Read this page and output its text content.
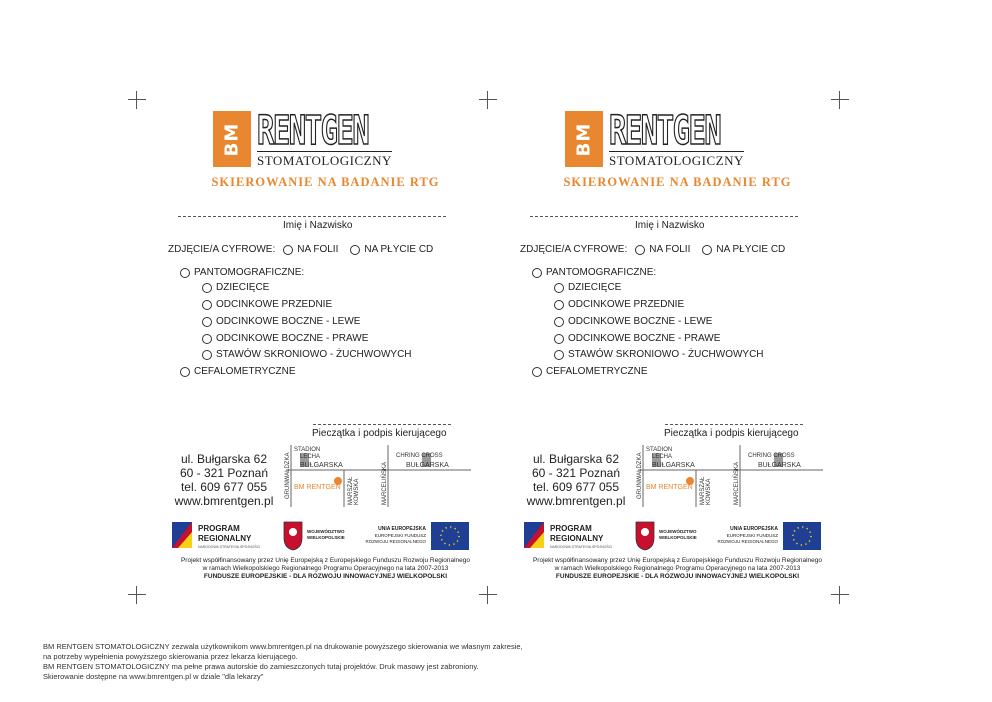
BM RENTGEN
STOMATOLOGICZNY
SKIEROWANIE NA BADANIE RTG
Imię i Nazwisko
ZDJĘCIE/A CYFROWE: NA FOLII	NA PŁYCIE CD
PANTOMOGRAFICZNE:
DZIECIĘCE
ODCINKOWE PRZEDNIE
ODCINKOWE BOCZNE - LEWE
ODCINKOWE BOCZNE - PRAWE
STAWÓW SKRONIOWO - ŻUCHWOWYCH
CEFALOMETRYCZNE
Pieczątka i podpis kierującego
ul. Bułgarska 62
60 - 321 Poznań
tel. 609 677 055
www.bmrentgen.pl
STADION
LECHA
BUŁGARSKA
CHRING CROSS
BUŁGARSKA
BM RENTGEN
GRUNWALDZKA	MARSZAŁ KOWSKA	MARCELIŃSKA
PROGRAM
REGIONALNY
NARODOWA STRATEGIA SPÓJNOŚCI
WOJEWÓDZTWO
WIELKOPOLSKIE
UNIA EUROPEJSKA
EUROPEJSKI FUNDUSZ
ROZWOJU REGIONALNEGO
Projekt współfinansowany przez Unię Europejską z Europejskiego Funduszu Rozwoju Regionalnego
w ramach Wielkopolskiego Regionalnego Programu Operacyjnego na lata 2007-2013
FUNDUSZE EUROPEJSKIE - DLA ROZWOJU INNOWACYJNEJ WIELKOPOLSKI
BM RENTGEN
STOMATOLOGICZNY
SKIEROWANIE NA BADANIE RTG
Imię i Nazwisko
ZDJĘCIE/A CYFROWE: NA FOLII	NA PŁYCIE CD
PANTOMOGRAFICZNE:
DZIECIĘCE
ODCINKOWE PRZEDNIE
ODCINKOWE BOCZNE - LEWE
ODCINKOWE BOCZNE - PRAWE
STAWÓW SKRONIOWO - ŻUCHWOWYCH
CEFALOMETRYCZNE
Pieczątka i podpis kierującego
ul. Bułgarska 62
60 - 321 Poznań
tel. 609 677 055
www.bmrentgen.pl
STADION
LECHA
BUŁGARSKA
CHRING CROSS
BUŁGARSKA
BM RENTGEN
GRUNWALDZKA	MARSZAŁ KOWSKA	MARCELIŃSKA
PROGRAM
REGIONALNY
NARODOWA STRATEGIA SPÓJNOŚCI
WOJEWÓDZTWO
WIELKOPOLSKIE
UNIA EUROPEJSKA
EUROPEJSKI FUNDUSZ
ROZWOJU REGIONALNEGO
Projekt współfinansowany przez Unię Europejską z Europejskiego Funduszu Rozwoju Regionalnego
w ramach Wielkopolskiego Regionalnego Programu Operacyjnego na lata 2007-2013
FUNDUSZE EUROPEJSKIE - DLA ROZWOJU INNOWACYJNEJ WIELKOPOLSKI
BM RENTGEN STOMATOLOGICZNY zezwala użytkownikom www.bmrentgen.pl na drukowanie powyższego skierowania we własnym zakresie,
na potrzeby wypełnienia powyższego skierowania przez lekarza kierującego.
BM RENTGEN STOMATOLOGICZNY ma pełne prawa autorskie do zamieszczonych tutaj projektów. Druk masowy jest zabroniony.
Skierowanie dostępne na www.bmrentgen.pl w dziale "dla lekarzy"
